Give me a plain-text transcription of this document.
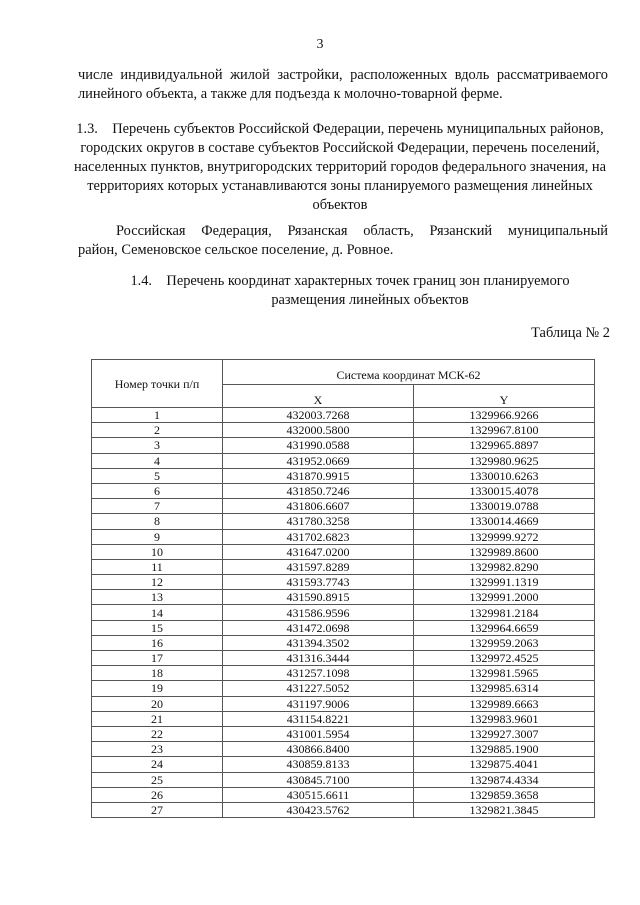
3
числе индивидуальной жилой застройки, расположенных вдоль рассматриваемого
линейного объекта, а также для подъезда к молочно-товарной ферме.
1.3. Перечень субъектов Российской Федерации, перечень муниципальных районов, городских округов в составе субъектов Российской Федерации, перечень поселений, населенных пунктов, внутригородских территорий городов федерального значения, на территориях которых устанавливаются зоны планируемого размещения линейных объектов
Российская Федерация, Рязанская область, Рязанский муниципальный
район, Семеновское сельское поселение, д. Ровное.
1.4. Перечень координат характерных точек границ зон планируемого
размещения линейных объектов
Таблица № 2
Номер точки п/п	Система координат МСК-62	
	X	Y
1	432003.7268	1329966.9266
2	432000.5800	1329967.8100
3	431990.0588	1329965.8897
4	431952.0669	1329980.9625
5	431870.9915	1330010.6263
6	431850.7246	1330015.4078
7	431806.6607	1330019.0788
8	431780.3258	1330014.4669
9	431702.6823	1329999.9272
10	431647.0200	1329989.8600
11	431597.8289	1329982.8290
12	431593.7743	1329991.1319
13	431590.8915	1329991.2000
14	431586.9596	1329981.2184
15	431472.0698	1329964.6659
16	431394.3502	1329959.2063
17	431316.3444	1329972.4525
18	431257.1098	1329981.5965
19	431227.5052	1329985.6314
20	431197.9006	1329989.6663
21	431154.8221	1329983.9601
22	431001.5954	1329927.3007
23	430866.8400	1329885.1900
24	430859.8133	1329875.4041
25	430845.7100	1329874.4334
26	430515.6611	1329859.3658
27	430423.5762	1329821.3845
